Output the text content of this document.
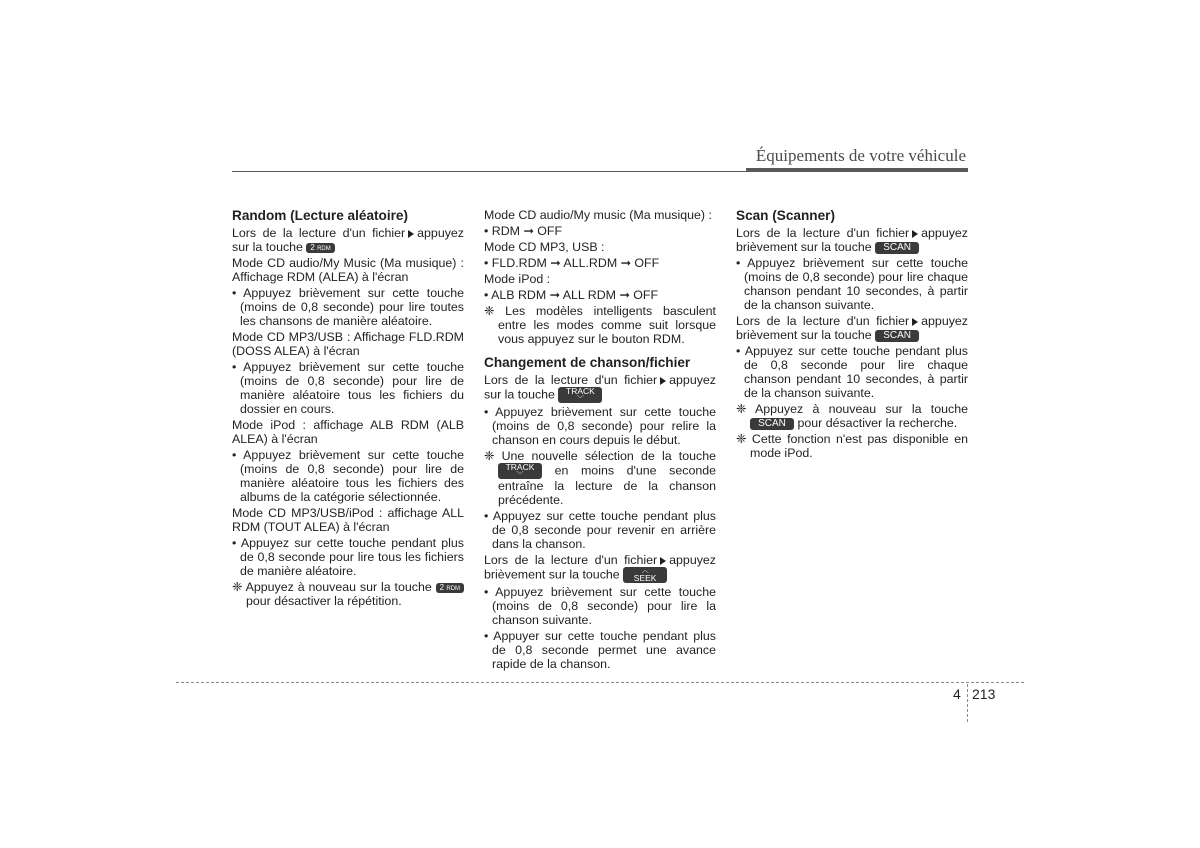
Équipements de votre véhicule

Random (Lecture aléatoire)

Lors de la lecture d'un fichier appuyez sur la touche 2 RDM

Mode CD audio/My Music (Ma musique) : Affichage RDM (ALEA) à l'écran

• Appuyez brièvement sur cette touche (moins de 0,8 seconde) pour lire toutes les chansons de manière aléatoire.

Mode CD MP3/USB : Affichage FLD.RDM (DOSS ALEA) à l'écran

• Appuyez brièvement sur cette touche (moins de 0,8 seconde) pour lire de manière aléatoire tous les fichiers du dossier en cours.

Mode iPod : affichage ALB RDM (ALB ALEA) à l'écran

• Appuyez brièvement sur cette touche (moins de 0,8 seconde) pour lire de manière aléatoire tous les fichiers des albums de la catégorie sélectionnée.

Mode CD MP3/USB/iPod : affichage ALL RDM (TOUT ALEA) à l'écran

• Appuyez sur cette touche pendant plus de 0,8 seconde pour lire tous les fichiers de manière aléatoire.

❈ Appuyez à nouveau sur la touche 2 RDM pour désactiver la répétition.

Mode CD audio/My music (Ma musique) :

• RDM ➞ OFF

Mode CD MP3, USB :

• FLD.RDM ➞ ALL.RDM ➞ OFF

Mode iPod :

• ALB RDM ➞ ALL RDM ➞ OFF

❈ Les modèles intelligents basculent entre les modes comme suit lorsque vous appuyez sur le bouton RDM.

Changement de chanson/fichier

Lors de la lecture d'un fichier appuyez sur la touche TRACK
﹀

• Appuyez brièvement sur cette touche (moins de 0,8 seconde) pour relire la chanson en cours depuis le début.

❈ Une nouvelle sélection de la touche TRACK
﹀	en moins d'une seconde entraîne la lecture de la chanson précédente.

• Appuyez sur cette touche pendant plus de 0,8 seconde pour revenir en arrière dans la chanson.

Lors de la lecture d'un fichier appuyez brièvement sur la touche	︿
SEEK

• Appuyez brièvement sur cette touche (moins de 0,8 seconde) pour lire la chanson suivante.

• Appuyer sur cette touche pendant plus de 0,8 seconde permet une avance rapide de la chanson.

Scan (Scanner)

Lors de la lecture d'un fichier appuyez brièvement sur la touche SCAN

• Appuyez brièvement sur cette touche (moins de 0,8 seconde) pour lire chaque chanson pendant 10 secondes, à partir de la chanson suivante.

Lors de la lecture d'un fichier appuyez brièvement sur la touche SCAN

• Appuyez sur cette touche pendant plus de 0,8 seconde pour lire chaque chanson pendant 10 secondes, à partir de la chanson suivante.

❈ Appuyez à nouveau sur la touche SCAN pour désactiver la recherche.

❈ Cette fonction n'est pas disponible en mode iPod.

4 213
